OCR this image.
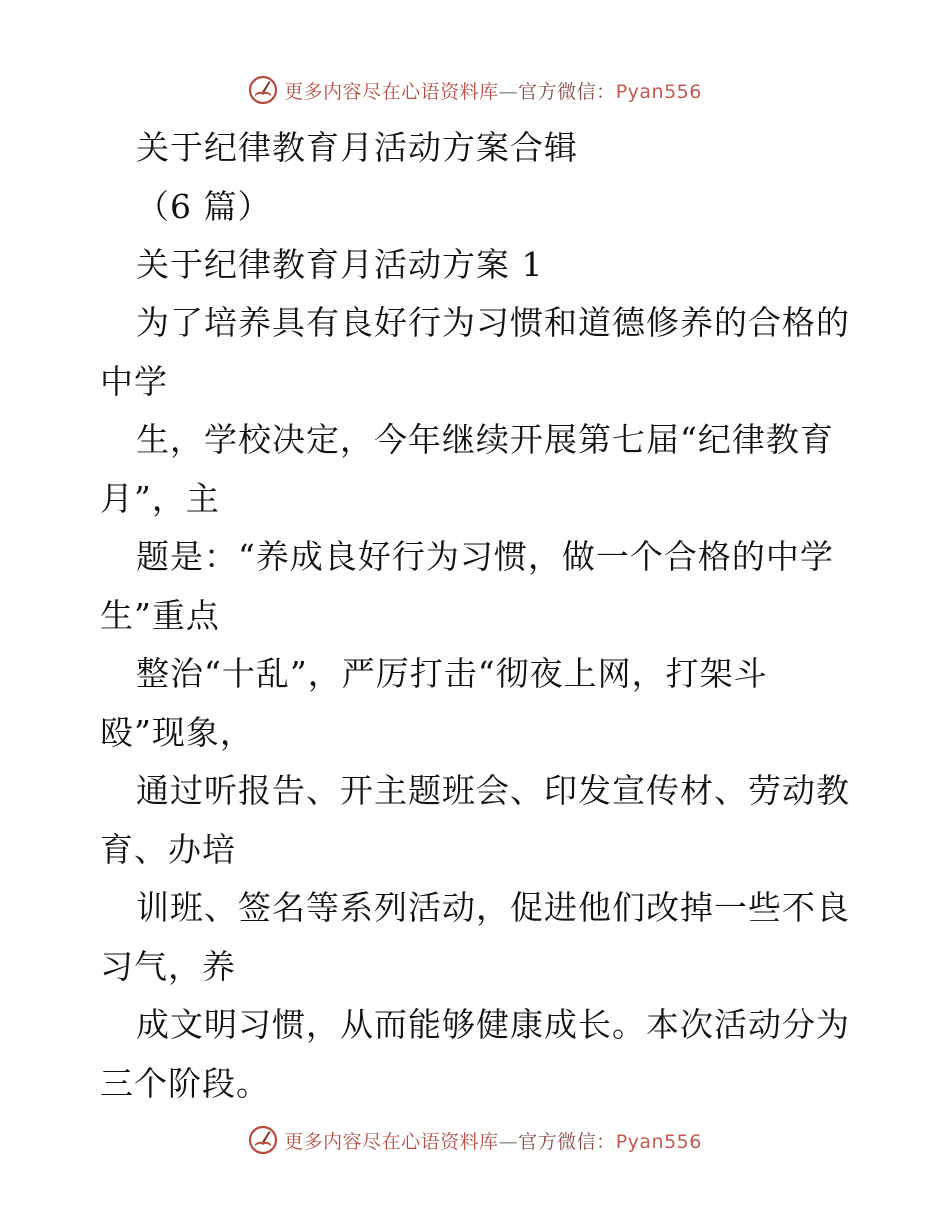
更多内容尽在心语资料库—官方微信：Pyan556
关于纪律教育月活动方案合辑
（6 篇）
关于纪律教育月活动方案 1
为了培养具有良好行为习惯和道德修养的合格的
中学
生，学校决定，今年继续开展第七届“纪律教育
月”，主
题是：“养成良好行为习惯，做一个合格的中学
生”重点
整治“十乱”，严厉打击“彻夜上网，打架斗
殴”现象，
通过听报告、开主题班会、印发宣传材、劳动教
育、办培
训班、签名等系列活动，促进他们改掉一些不良
习气，养
成文明习惯，从而能够健康成长。本次活动分为
三个阶段。
更多内容尽在心语资料库—官方微信：Pyan556
